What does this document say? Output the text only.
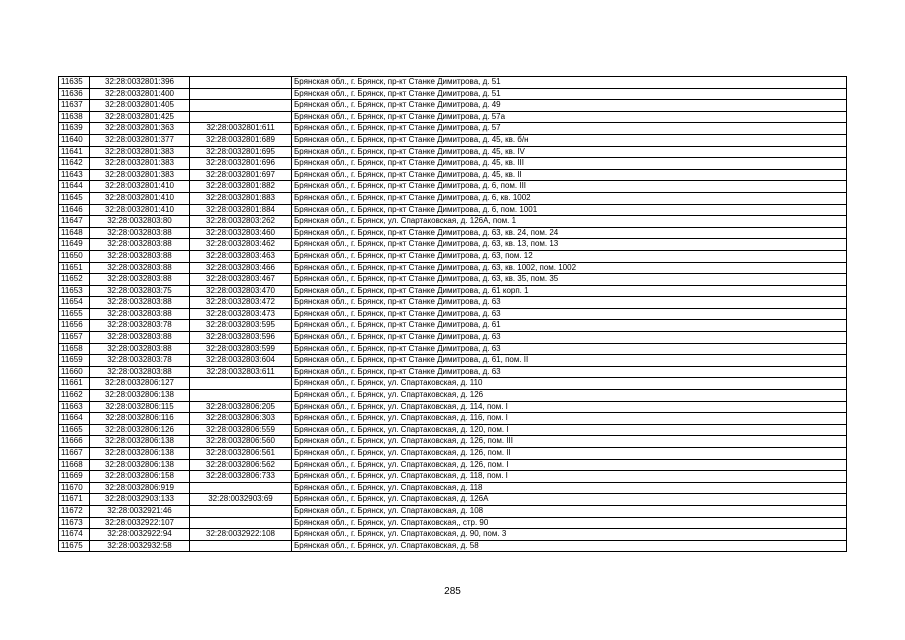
11635	32:28:0032801:396		Брянская обл., г. Брянск, пр-кт Станке Димитрова, д. 51
11636	32:28:0032801:400		Брянская обл., г. Брянск, пр-кт Станке Димитрова, д. 51
11637	32:28:0032801:405		Брянская обл., г. Брянск, пр-кт Станке Димитрова, д. 49
11638	32:28:0032801:425		Брянская обл., г. Брянск, пр-кт Станке Димитрова, д. 57а
11639	32:28:0032801:363	32:28:0032801:611	Брянская обл., г. Брянск, пр-кт Станке Димитрова, д. 57
11640	32:28:0032801:377	32:28:0032801:689	Брянская обл., г. Брянск, пр-кт Станке Димитрова, д. 45, кв. б/н
11641	32:28:0032801:383	32:28:0032801:695	Брянская обл., г. Брянск, пр-кт Станке Димитрова, д. 45, кв. IV
11642	32:28:0032801:383	32:28:0032801:696	Брянская обл., г. Брянск, пр-кт Станке Димитрова, д. 45, кв. III
11643	32:28:0032801:383	32:28:0032801:697	Брянская обл., г. Брянск, пр-кт Станке Димитрова, д. 45, кв. II
11644	32:28:0032801:410	32:28:0032801:882	Брянская обл., г. Брянск, пр-кт Станке Димитрова, д. 6, пом. III
11645	32:28:0032801:410	32:28:0032801:883	Брянская обл., г. Брянск, пр-кт Станке Димитрова, д. 6, кв. 1002
11646	32:28:0032801:410	32:28:0032801:884	Брянская обл., г. Брянск, пр-кт Станке Димитрова, д. 6, пом. 1001
11647	32:28:0032803:80	32:28:0032803:262	Брянская обл., г. Брянск, ул. Спартаковская, д. 126А, пом. 1
11648	32:28:0032803:88	32:28:0032803:460	Брянская обл., г. Брянск, пр-кт Станке Димитрова, д. 63, кв. 24, пом. 24
11649	32:28:0032803:88	32:28:0032803:462	Брянская обл., г. Брянск, пр-кт Станке Димитрова, д. 63, кв. 13, пом. 13
11650	32:28:0032803:88	32:28:0032803:463	Брянская обл., г. Брянск, пр-кт Станке Димитрова, д. 63, пом. 12
11651	32:28:0032803:88	32:28:0032803:466	Брянская обл., г. Брянск, пр-кт Станке Димитрова, д. 63, кв. 1002, пом. 1002
11652	32:28:0032803:88	32:28:0032803:467	Брянская обл., г. Брянск, пр-кт Станке Димитрова, д. 63, кв. 35, пом. 35
11653	32:28:0032803:75	32:28:0032803:470	Брянская обл., г. Брянск, пр-кт Станке Димитрова, д. 61 корп. 1
11654	32:28:0032803:88	32:28:0032803:472	Брянская обл., г. Брянск, пр-кт Станке Димитрова, д. 63
11655	32:28:0032803:88	32:28:0032803:473	Брянская обл., г. Брянск, пр-кт Станке Димитрова, д. 63
11656	32:28:0032803:78	32:28:0032803:595	Брянская обл., г. Брянск, пр-кт Станке Димитрова, д. 61
11657	32:28:0032803:88	32:28:0032803:596	Брянская обл., г. Брянск, пр-кт Станке Димитрова, д. 63
11658	32:28:0032803:88	32:28:0032803:599	Брянская обл., г. Брянск, пр-кт Станке Димитрова, д. 63
11659	32:28:0032803:78	32:28:0032803:604	Брянская обл., г. Брянск, пр-кт Станке Димитрова, д. 61, пом. II
11660	32:28:0032803:88	32:28:0032803:611	Брянская обл., г. Брянск, пр-кт Станке Димитрова, д. 63
11661	32:28:0032806:127		Брянская обл., г. Брянск, ул. Спартаковская, д. 110
11662	32:28:0032806:138		Брянская обл., г. Брянск, ул. Спартаковская, д. 126
11663	32:28:0032806:115	32:28:0032806:205	Брянская обл., г. Брянск, ул. Спартаковская, д. 114, пом. I
11664	32:28:0032806:116	32:28:0032806:303	Брянская обл., г. Брянск, ул. Спартаковская, д. 116, пом. I
11665	32:28:0032806:126	32:28:0032806:559	Брянская обл., г. Брянск, ул. Спартаковская, д. 120, пом. I
11666	32:28:0032806:138	32:28:0032806:560	Брянская обл., г. Брянск, ул. Спартаковская, д. 126, пом. III
11667	32:28:0032806:138	32:28:0032806:561	Брянская обл., г. Брянск, ул. Спартаковская, д. 126, пом. II
11668	32:28:0032806:138	32:28:0032806:562	Брянская обл., г. Брянск, ул. Спартаковская, д. 126, пом. I
11669	32:28:0032806:158	32:28:0032806:733	Брянская обл., г. Брянск, ул. Спартаковская, д. 118, пом. I
11670	32:28:0032806:919		Брянская обл., г. Брянск, ул. Спартаковская, д. 118
11671	32:28:0032903:133	32:28:0032903:69	Брянская обл., г. Брянск, ул. Спартаковская, д. 126А
11672	32:28:0032921:46		Брянская обл., г. Брянск, ул. Спартаковская, д. 108
11673	32:28:0032922:107		Брянская обл., г. Брянск, ул. Спартаковская,, стр. 90
11674	32:28:0032922:94	32:28:0032922:108	Брянская обл., г. Брянск, ул. Спартаковская, д. 90, пом. 3
11675	32:28:0032932:58		Брянская обл., г. Брянск, ул. Спартаковская, д. 58
285
